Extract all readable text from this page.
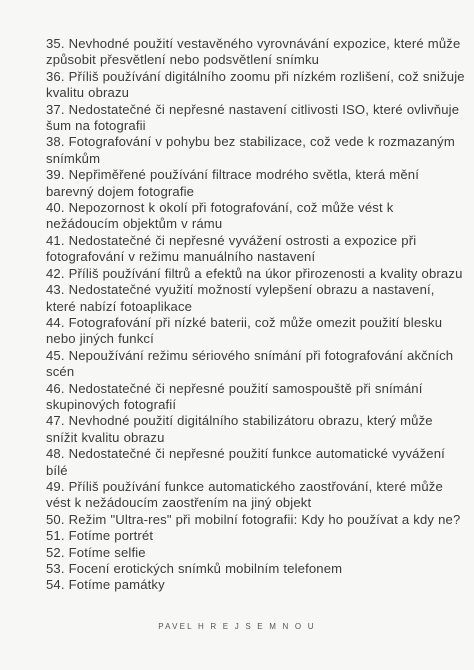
35. Nevhodné použití vestavěného vyrovnávání expozice, které může způsobit přesvětlení nebo podsvětlení snímku
36. Příliš používání digitálního zoomu při nízkém rozlišení, což snižuje kvalitu obrazu
37. Nedostatečné či nepřesné nastavení citlivosti ISO, které ovlivňuje šum na fotografii
38. Fotografování v pohybu bez stabilizace, což vede k rozmazaným snímkům
39. Nepřiměřené používání filtrace modrého světla, která mění barevný dojem fotografie
40. Nepozornost k okolí při fotografování, což může vést k nežádoucím objektům v rámu
41. Nedostatečné či nepřesné vyvážení ostrosti a expozice při fotografování v režimu manuálního nastavení
42. Příliš používání filtrů a efektů na úkor přirozenosti a kvality obrazu
43. Nedostatečné využití možností vylepšení obrazu a nastavení, které nabízí fotoaplikace
44. Fotografování při nízké baterii, což může omezit použití blesku nebo jiných funkcí
45. Nepoužívání režimu sériového snímání při fotografování akčních scén
46. Nedostatečné či nepřesné použití samospouště při snímání skupinových fotografií
47. Nevhodné použití digitálního stabilizátoru obrazu, který může snížit kvalitu obrazu
48. Nedostatečné či nepřesné použití funkce automatické vyvážení bílé
49. Příliš používání funkce automatického zaostřování, které může vést k nežádoucím zaostřením na jiný objekt
50. Režim "Ultra-res" při mobilní fotografii: Kdy ho používat a kdy ne?
51. Fotíme portrét
52. Fotíme selfie
53. Focení erotických snímků mobilním telefonem
54. Fotíme památky
PAVEL H R E J S E M N O U
